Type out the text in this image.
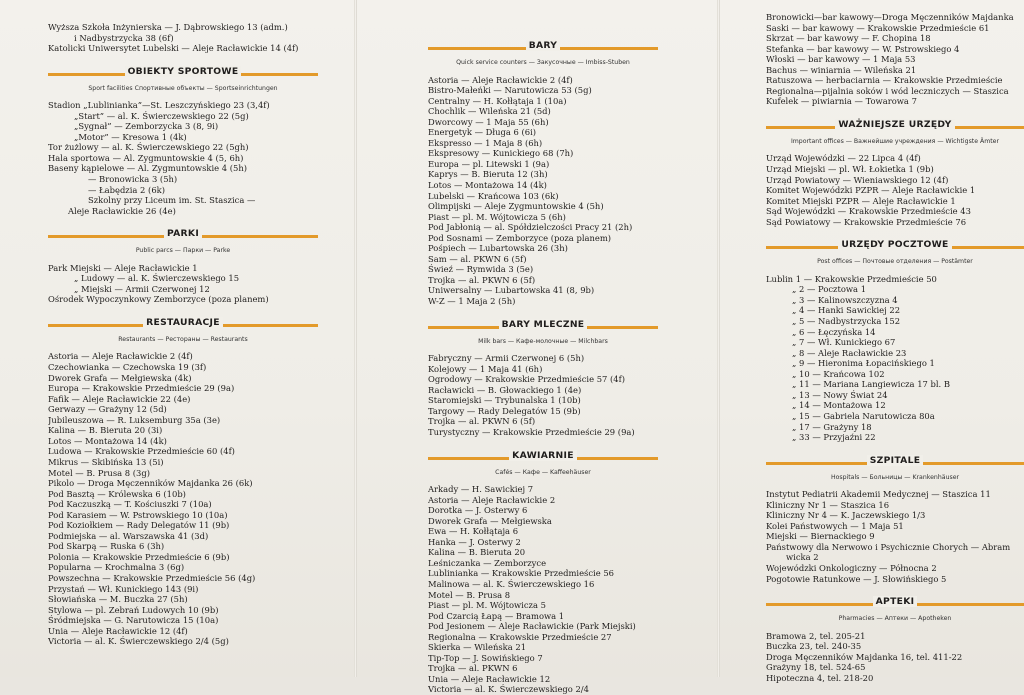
Wyższa Szkoła Inżynierska — J. Dąbrowskiego 13 (adm.)
i Nadbystrzycka 38 (6f)
Katolicki Uniwersytet Lubelski — Aleje Racławickie 14 (4f)
OBIEKTY SPORTOWE
Sport facilities Спортивные объекты — Sportseinrichtungen
Stadion „Lublinianka”—St. Leszczyńskiego 23 (3,4f)
„Start” — al. K. Świerczewskiego 22 (5g)
„Sygnał” — Zemborzycka 3 (8, 9i)
„Motor” — Kresowa 1 (4k)
Tor żużlowy — al. K. Świerczewskiego 22 (5gh)
Hala sportowa — Al. Zygmuntowskie 4 (5, 6h)
Baseny kąpielowe — Al. Zygmuntowskie 4 (5h)
— Bronowicka 3 (5h)
— Łabędzia 2 (6k)
Szkolny przy Liceum im. St. Staszica —
Aleje Racławickie 26 (4e)
PARKI
Public parcs — Парки — Parke
Park Miejski — Aleje Racławickie 1
„ Ludowy — al. K. Świerczewskiego 15
„ Miejski — Armii Czerwonej 12
Ośrodek Wypoczynkowy Zemborzyce (poza planem)
RESTAURACJE
Restaurants — Рестораны — Restaurants
Astoria — Aleje Racławickie 2 (4f)
Czechowianka — Czechowska 19 (3f)
Dworek Grafa — Mełgiewska (4k)
Europa — Krakowskie Przedmieście 29 (9a)
Fafik — Aleje Racławickie 22 (4e)
Gerwazy — Grażyny 12 (5d)
Jubileuszowa — R. Luksemburg 35a (3e)
Kalina — B. Bieruta 20 (3i)
Lotos — Montażowa 14 (4k)
Ludowa — Krakowskie Przedmieście 60 (4f)
Mikrus — Skibińska 13 (5i)
Motel — B. Prusa 8 (3g)
Pikolo — Droga Męczenników Majdanka 26 (6k)
Pod Basztą — Królewska 6 (10b)
Pod Kaczuszką — T. Kościuszki 7 (10a)
Pod Karasiem — W. Pstrowskiego 10 (10a)
Pod Koziołkiem — Rady Delegatów 11 (9b)
Podmiejska — al. Warszawska 41 (3d)
Pod Skarpą — Ruska 6 (3h)
Polonia — Krakowskie Przedmieście 6 (9b)
Popularna — Krochmalna 3 (6g)
Powszechna — Krakowskie Przedmieście 56 (4g)
Przystań — Wł. Kunickiego 143 (9i)
Słowiańska — M. Buczka 27 (5h)
Stylowa — pl. Zebrań Ludowych 10 (9b)
Śródmiejska — G. Narutowicza 15 (10a)
Unia — Aleje Racławickie 12 (4f)
Victoria — al. K. Świerczewskiego 2/4 (5g)
BARY
Quick service counters — Закусочные — Imbiss-Stuben
Astoria — Aleje Racławickie 2 (4f)
Bistro-Małeńki — Narutowicza 53 (5g)
Centralny — H. Kołłątaja 1 (10a)
Chochlik — Wileńska 21 (5d)
Dworcowy — 1 Maja 55 (6h)
Energetyk — Długa 6 (6i)
Ekspresso — 1 Maja 8 (6h)
Ekspresowy — Kunickiego 68 (7h)
Europa — pl. Litewski 1 (9a)
Kaprys — B. Bieruta 12 (3h)
Lotos — Montażowa 14 (4k)
Lubelski — Krańcowa 103 (6k)
Olimpijski — Aleje Zygmuntowskie 4 (5h)
Piast — pl. M. Wójtowicza 5 (6h)
Pod Jabłonią — al. Spółdzielczości Pracy 21 (2h)
Pod Sosnami — Zemborzyce (poza planem)
Pośpiech — Lubartowska 26 (3h)
Sam — al. PKWN 6 (5f)
Świeź — Rymwida 3 (5e)
Trojka — al. PKWN 6 (5f)
Uniwersalny — Lubartowska 41 (8, 9b)
W-Z — 1 Maja 2 (5h)
BARY MLECZNE
Milk bars — Кафе-молочные — Milchbars
Fabryczny — Armii Czerwonej 6 (5h)
Kolejowy — 1 Maja 41 (6h)
Ogrodowy — Krakowskie Przedmieście 57 (4f)
Racławicki — B. Głowackiego 1 (4e)
Staromiejski — Trybunalska 1 (10b)
Targowy — Rady Delegatów 15 (9b)
Trojka — al. PKWN 6 (5f)
Turystyczny — Krakowskie Przedmieście 29 (9a)
KAWIARNIE
Cafés — Кафе — Kaffeehäuser
Arkady — H. Sawickiej 7
Astoria — Aleje Racławickie 2
Dorotka — J. Osterwy 6
Dworek Grafa — Mełgiewska
Ewa — H. Kołłątaja 6
Hanka — J. Osterwy 2
Kalina — B. Bieruta 20
Leśniczanka — Zemborzyce
Lublinianka — Krakowskie Przedmieście 56
Malinowa — al. K. Świerczewskiego 16
Motel — B. Prusa 8
Piast — pl. M. Wójtowicza 5
Pod Czarcią Łapą — Bramowa 1
Pod Jesionem — Aleje Racławickie (Park Miejski)
Regionalna — Krakowskie Przedmieście 27
Skierka — Wileńska 21
Tip-Top — J. Sowińskiego 7
Trojka — al. PKWN 6
Unia — Aleje Racławickie 12
Victoria — al. K. Świerczewskiego 2/4
Bronowicki—bar kawowy—Droga Męczenników Majdanka
Saski — bar kawowy — Krakowskie Przedmieście 61
Skrzat — bar kawowy — F. Chopina 18
Stefanka — bar kawowy — W. Pstrowskiego 4
Włoski — bar kawowy — 1 Maja 53
Bachus — winiarnia — Wileńska 21
Ratuszowa — herbaciarnia — Krakowskie Przedmieście
Regionalna—pijalnia soków i wód leczniczych — Staszica
Kufelek — piwiarnia — Towarowa 7
WAŻNIEJSZE URZĘDY
Important offices — Важнейшие учреждения — Wichtigste Ämter
Urząd Wojewódzki — 22 Lipca 4 (4f)
Urząd Miejski — pl. Wł. Łokietka 1 (9b)
Urząd Powiatowy — Wieniawskiego 12 (4f)
Komitet Wojewódzki PZPR — Aleje Racławickie 1
Komitet Miejski PZPR — Aleje Racławickie 1
Sąd Wojewódzki — Krakowskie Przedmieście 43
Sąd Powiatowy — Krakowskie Przedmieście 76
URZĘDY POCZTOWE
Post offices — Почтовые отделения — Postämter
Lublin 1 — Krakowskie Przedmieście 50
„ 2 — Pocztowa 1
„ 3 — Kalinowszczyzna 4
„ 4 — Hanki Sawickiej 22
„ 5 — Nadbystrzycka 152
„ 6 — Łęczyńska 14
„ 7 — Wł. Kunickiego 67
„ 8 — Aleje Racławickie 23
„ 9 — Hieronima Łopacińskiego 1
„ 10 — Krańcowa 102
„ 11 — Mariana Langiewicza 17 bl. B
„ 13 — Nowy Świat 24
„ 14 — Montażowa 12
„ 15 — Gabriela Narutowicza 80a
„ 17 — Grażyny 18
„ 33 — Przyjaźni 22
SZPITALE
Hospitals — Больницы — Krankenhäuser
Instytut Pediatrii Akademii Medycznej — Staszica 11
Kliniczny Nr 1 — Staszica 16
Kliniczny Nr 4 — K. Jaczewskiego 1/3
Kolei Państwowych — 1 Maja 51
Miejski — Biernackiego 9
Państwowy dla Nerwowo i Psychicznie Chorych — Abram
wicka 2
Wojewódzki Onkologiczny — Północna 2
Pogotowie Ratunkowe — J. Słowińskiego 5
APTEKI
Pharmacies — Аптеки — Apotheken
Bramowa 2, tel. 205-21
Buczka 23, tel. 240-35
Droga Męczenników Majdanka 16, tel. 411-22
Grażyny 18, tel. 524-65
Hipoteczna 4, tel. 218-20
